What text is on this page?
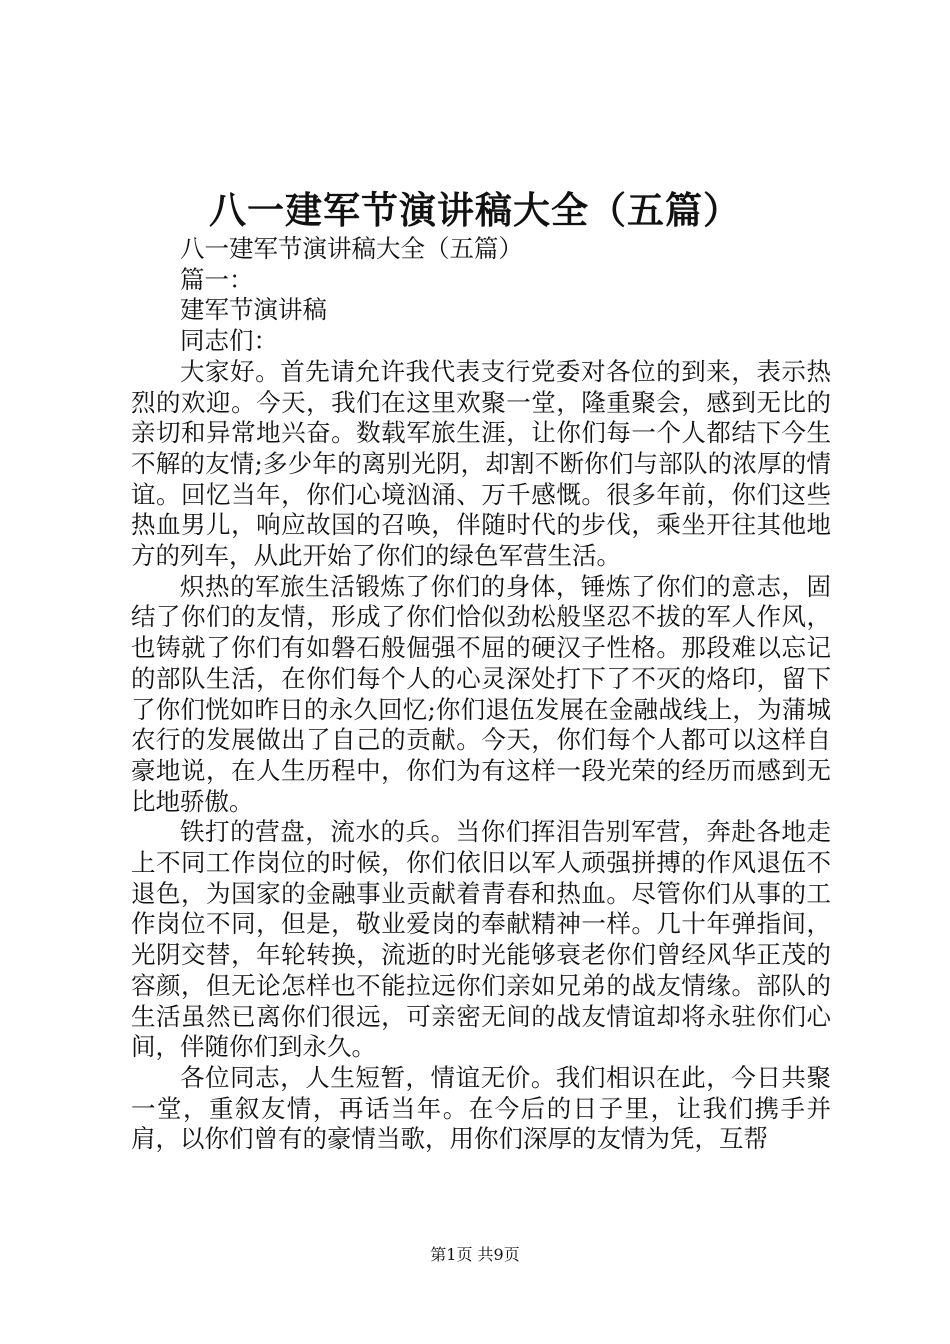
八一建军节演讲稿大全（五篇）

八一建军节演讲稿大全（五篇）

篇一：

建军节演讲稿

同志们：

大家好。首先请允许我代表支行党委对各位的到来，表示热烈的欢迎。今天，我们在这里欢聚一堂，隆重聚会，感到无比的亲切和异常地兴奋。数载军旅生涯，让你们每一个人都结下今生不解的友情;多少年的离别光阴，却割不断你们与部队的浓厚的情谊。回忆当年，你们心境汹涌、万千感慨。很多年前，你们这些热血男儿，响应故国的召唤，伴随时代的步伐，乘坐开往其他地方的列车，从此开始了你们的绿色军营生活。

炽热的军旅生活锻炼了你们的身体，锤炼了你们的意志，固结了你们的友情，形成了你们恰似劲松般坚忍不拔的军人作风，也铸就了你们有如磐石般倔强不屈的硬汉子性格。那段难以忘记的部队生活，在你们每个人的心灵深处打下了不灭的烙印，留下了你们恍如昨日的永久回忆;你们退伍发展在金融战线上，为蒲城农行的发展做出了自己的贡献。今天，你们每个人都可以这样自豪地说，在人生历程中，你们为有这样一段光荣的经历而感到无比地骄傲。

铁打的营盘，流水的兵。当你们挥泪告别军营，奔赴各地走上不同工作岗位的时候，你们依旧以军人顽强拼搏的作风退伍不退色，为国家的金融事业贡献着青春和热血。尽管你们从事的工作岗位不同，但是，敬业爱岗的奉献精神一样。几十年弹指间，光阴交替，年轮转换，流逝的时光能够衰老你们曾经风华正茂的容颜，但无论怎样也不能拉远你们亲如兄弟的战友情缘。部队的生活虽然已离你们很远，可亲密无间的战友情谊却将永驻你们心间，伴随你们到永久。

各位同志，人生短暂，情谊无价。我们相识在此，今日共聚一堂，重叙友情，再话当年。在今后的日子里，让我们携手并肩，以你们曾有的豪情当歌，用你们深厚的友情为凭，互帮

第1页 共9页
